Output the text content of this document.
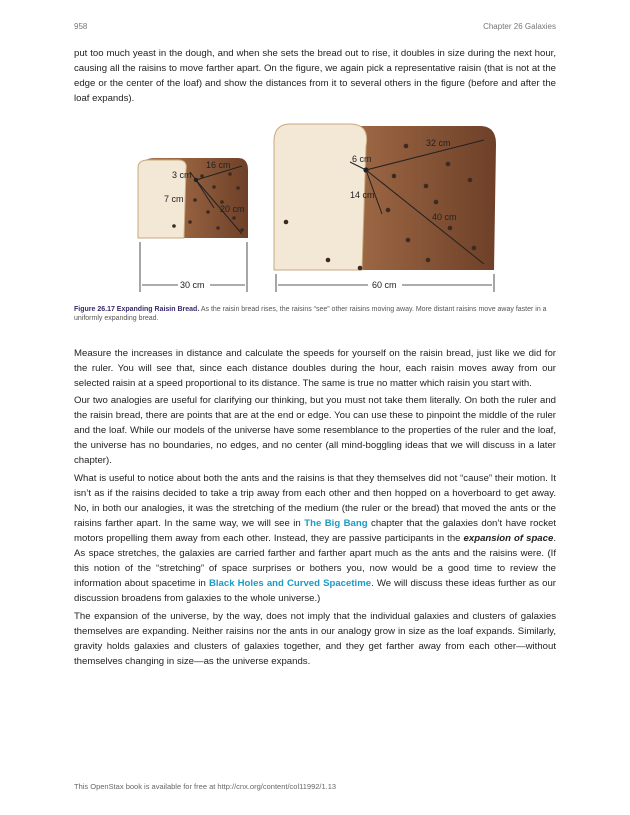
958	Chapter 26 Galaxies

put too much yeast in the dough, and when she sets the bread out to rise, it doubles in size during the next hour, causing all the raisins to move farther apart. On the figure, we again pick a representative raisin (that is not at the edge or the center of the loaf) and show the distances from it to several others in the figure (before and after the loaf expands).

3 cm
16 cm
7 cm
20 cm
30 cm
6 cm
32 cm
14 cm
40 cm
60 cm
Figure 26.17 Expanding Raisin Bread. As the raisin bread rises, the raisins “see” other raisins moving away. More distant raisins move away faster in a uniformly expanding bread.

Measure the increases in distance and calculate the speeds for yourself on the raisin bread, just like we did for the ruler. You will see that, since each distance doubles during the hour, each raisin moves away from our selected raisin at a speed proportional to its distance. The same is true no matter which raisin you start with.

Our two analogies are useful for clarifying our thinking, but you must not take them literally. On both the ruler and the raisin bread, there are points that are at the end or edge. You can use these to pinpoint the middle of the ruler and the loaf. While our models of the universe have some resemblance to the properties of the ruler and the loaf, the universe has no boundaries, no edges, and no center (all mind-boggling ideas that we will discuss in a later chapter).

What is useful to notice about both the ants and the raisins is that they themselves did not “cause” their motion. It isn’t as if the raisins decided to take a trip away from each other and then hopped on a hoverboard to get away. No, in both our analogies, it was the stretching of the medium (the ruler or the bread) that moved the ants or the raisins farther apart. In the same way, we will see in The Big Bang chapter that the galaxies don’t have rocket motors propelling them away from each other. Instead, they are passive participants in the expansion of space. As space stretches, the galaxies are carried farther and farther apart much as the ants and the raisins were. (If this notion of the “stretching” of space surprises or bothers you, now would be a good time to review the information about spacetime in Black Holes and Curved Spacetime. We will discuss these ideas further as our discussion broadens from galaxies to the whole universe.)

The expansion of the universe, by the way, does not imply that the individual galaxies and clusters of galaxies themselves are expanding. Neither raisins nor the ants in our analogy grow in size as the loaf expands. Similarly, gravity holds galaxies and clusters of galaxies together, and they get farther away from each other—without themselves changing in size—as the universe expands.

This OpenStax book is available for free at http://cnx.org/content/col11992/1.13
